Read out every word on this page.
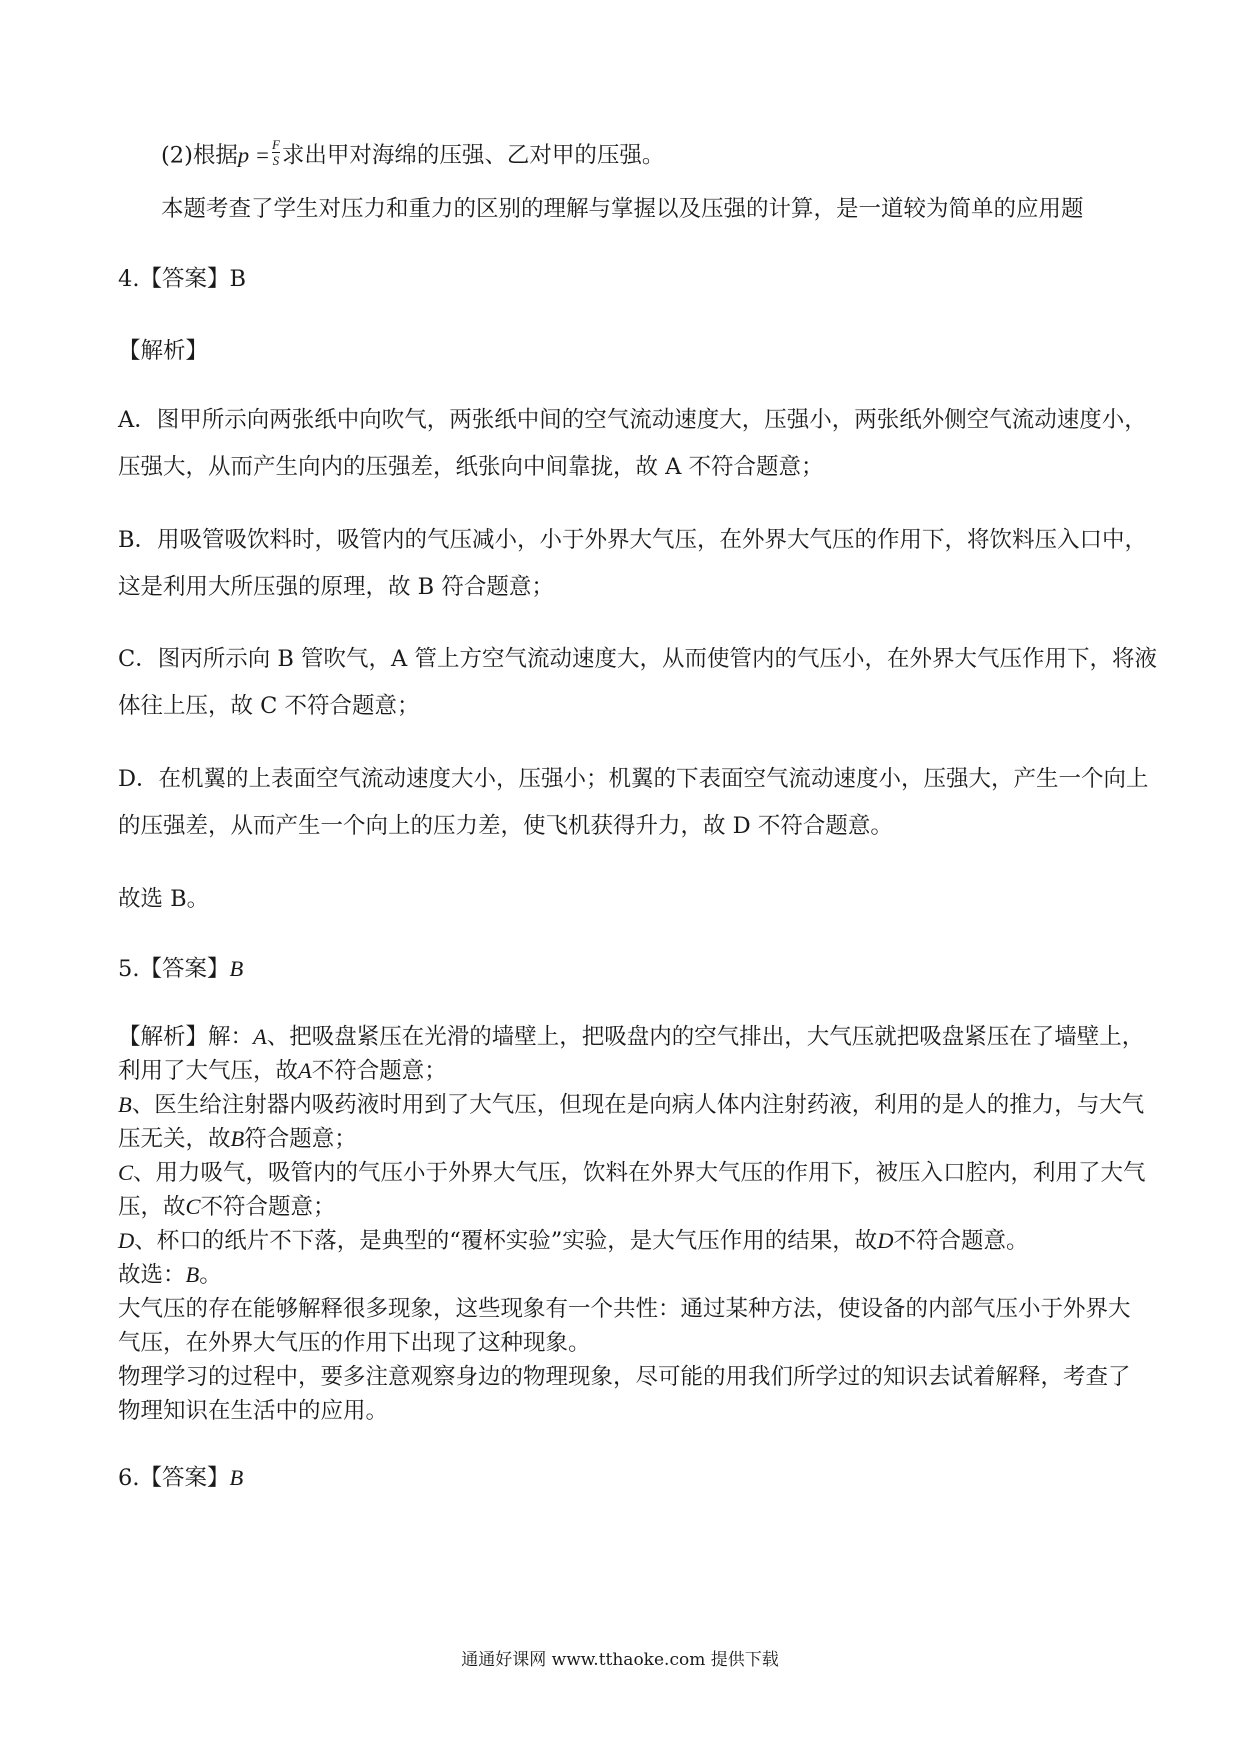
(2)根据$p = \frac{F}{S}$ 求出甲对海绵的压强、乙对甲的压强。
本题考查了学生对压力和重力的区别的理解与掌握以及压强的计算，是一道较为简单的应用题
4.【答案】B
【解析】
A．图甲所示向两张纸中向吹气，两张纸中间的空气流动速度大，压强小，两张纸外侧空气流动速度小，
压强大，从而产生向内的压强差，纸张向中间靠拢，故 A 不符合题意；
B．用吸管吸饮料时，吸管内的气压减小，小于外界大气压，在外界大气压的作用下，将饮料压入口中，
这是利用大所压强的原理，故 B 符合题意；
C．图丙所示向 B 管吹气，A 管上方空气流动速度大，从而使管内的气压小，在外界大气压作用下，将液
体往上压，故 C 不符合题意；
D．在机翼的上表面空气流动速度大小，压强小；机翼的下表面空气流动速度小，压强大，产生一个向上
的压强差，从而产生一个向上的压力差，使飞机获得升力，故 D 不符合题意。
故选 B。
5.【答案】B
【解析】解：A、把吸盘紧压在光滑的墙壁上，把吸盘内的空气排出，大气压就把吸盘紧压在了墙壁上，
利用了大气压，故A不符合题意；
B、医生给注射器内吸药液时用到了大气压，但现在是向病人体内注射药液，利用的是人的推力，与大气
压无关，故B符合题意；
C、用力吸气，吸管内的气压小于外界大气压，饮料在外界大气压的作用下，被压入口腔内，利用了大气
压，故C不符合题意；
D、杯口的纸片不下落，是典型的“覆杯实验”实验，是大气压作用的结果，故D不符合题意。
故选：B。
大气压的存在能够解释很多现象，这些现象有一个共性：通过某种方法，使设备的内部气压小于外界大
气压，在外界大气压的作用下出现了这种现象。
物理学习的过程中，要多注意观察身边的物理现象，尽可能的用我们所学过的知识去试着解释，考查了
物理知识在生活中的应用。
6.【答案】B
通通好课网 www.tthaoke.com 提供下载
